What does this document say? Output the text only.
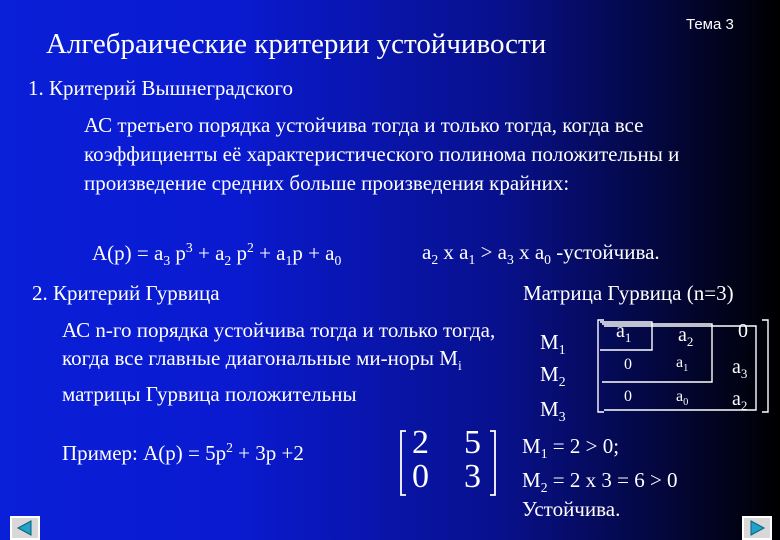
Алгебраические критерии устойчивости
Тема 3
1. Критерий Вышнеградского
АС третьего порядка устойчива тогда и только тогда, когда все коэффициенты её характеристического полинома положительны и произведение средних больше произведения крайних:
$A(p) = a_3$ $p^3 + a_2$ $p^2 + a_1p + a_0$	$a_2$ x $a_1 > a_3$ x $a_0$ -устойчива.
2. Критерий Гурвица	Матрица Гурвица (n=3)
АС n-го порядка устойчива тогда и только тогда, когда все главные диагональные ми-норы $M_i$ матрицы Гурвица положительны
$M_1$
$M_2$
$M_3$
$a_1$ $a_2$ 0
0	$a_1$ $a_3$
0	$a_0$ $a_2$
Пример: $A(p) = 5p^2 + 3p +2$	2 5
0 3
$M_1 = 2 > 0$;
$M_2 = 2$ x 3 = 6 > 0
Устойчива.
